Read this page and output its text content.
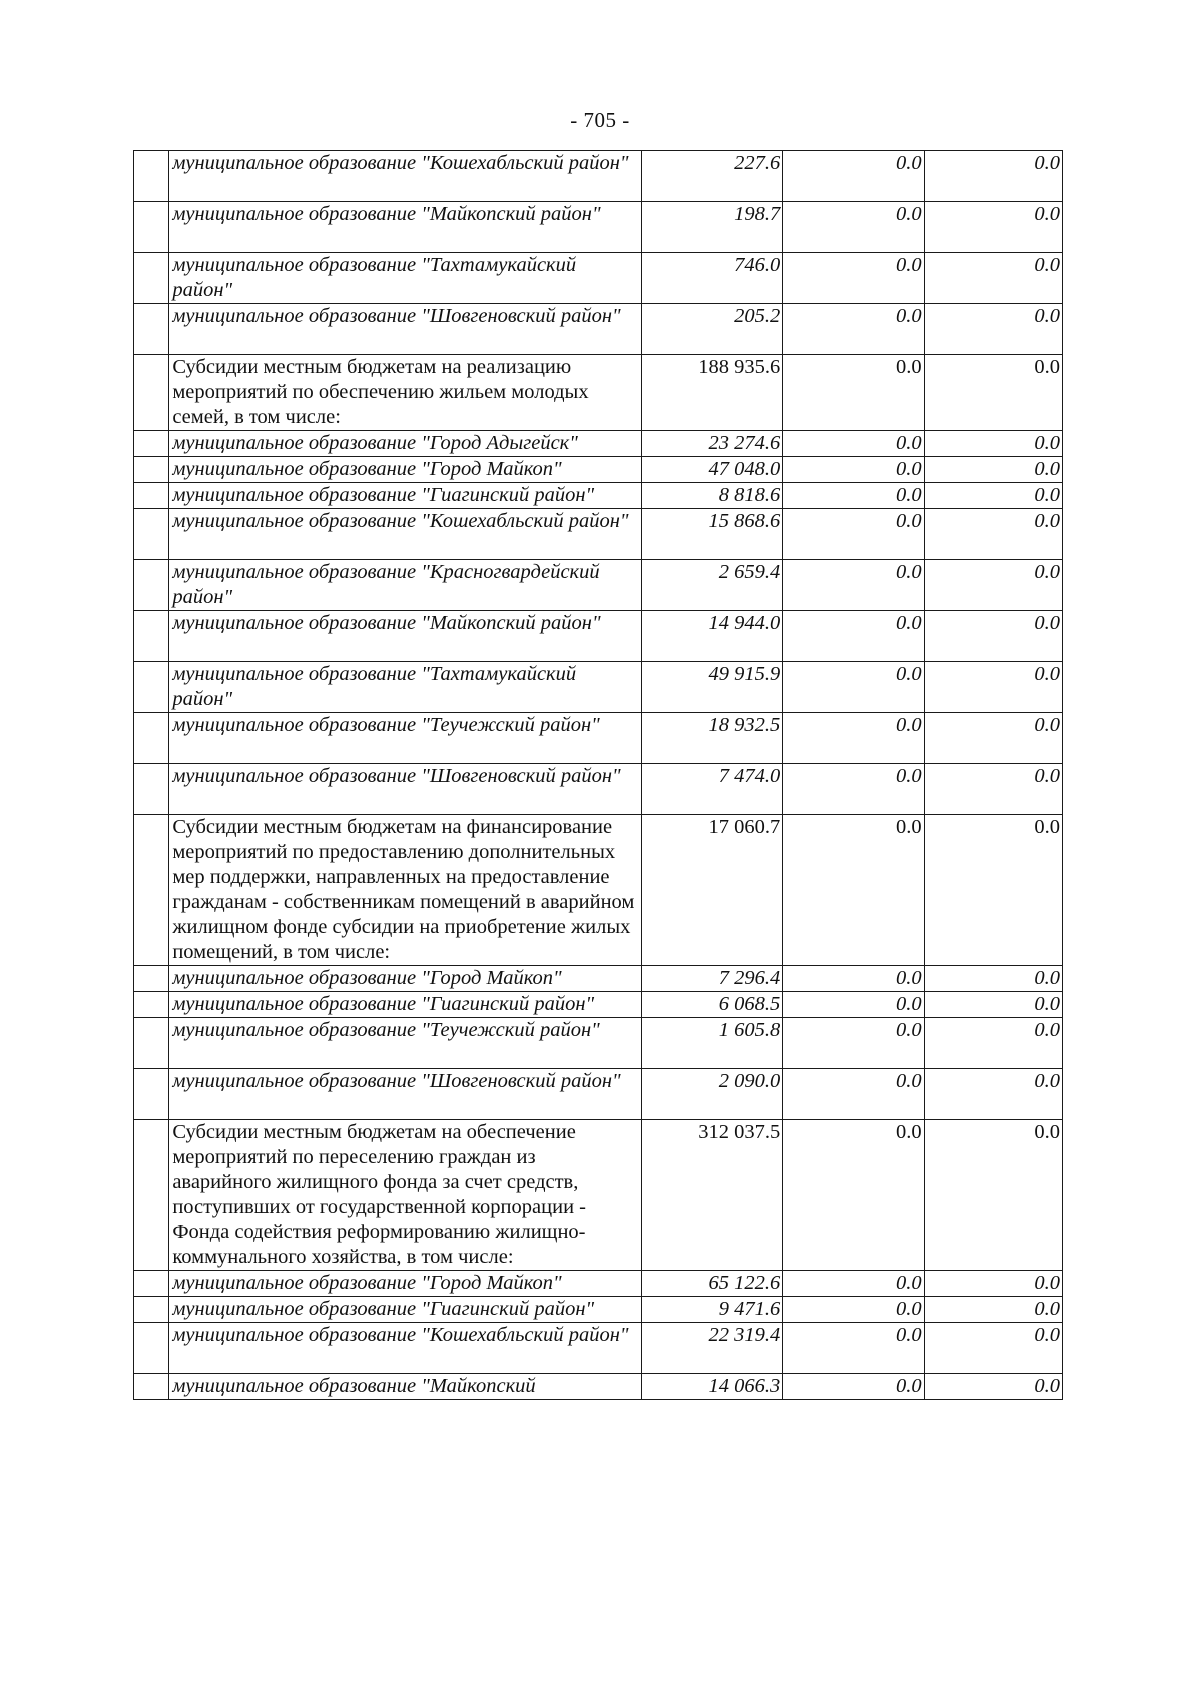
- 705 -
	муниципальное образование "Кошехабльский район"	227.6	0.0	0.0
	муниципальное образование "Майкопский район"	198.7	0.0	0.0
	муниципальное образование "Тахтамукайский район"	746.0	0.0	0.0
	муниципальное образование "Шовгеновский район"	205.2	0.0	0.0
	Субсидии местным бюджетам на реализацию мероприятий по обеспечению жильем молодых семей, в том числе:	188 935.6	0.0	0.0
	муниципальное образование "Город Адыгейск"	23 274.6	0.0	0.0
	муниципальное образование "Город Майкоп"	47 048.0	0.0	0.0
	муниципальное образование "Гиагинский район"	8 818.6	0.0	0.0
	муниципальное образование "Кошехабльский район"	15 868.6	0.0	0.0
	муниципальное образование "Красногвардейский район"	2 659.4	0.0	0.0
	муниципальное образование "Майкопский район"	14 944.0	0.0	0.0
	муниципальное образование "Тахтамукайский район"	49 915.9	0.0	0.0
	муниципальное образование "Теучежский район"	18 932.5	0.0	0.0
	муниципальное образование "Шовгеновский район"	7 474.0	0.0	0.0
	Субсидии местным бюджетам на финансирование мероприятий по предоставлению дополнительных мер поддержки, направленных на предоставление гражданам - собственникам помещений в аварийном жилищном фонде субсидии на приобретение жилых помещений, в том числе:	17 060.7	0.0	0.0
	муниципальное образование "Город Майкоп"	7 296.4	0.0	0.0
	муниципальное образование "Гиагинский район"	6 068.5	0.0	0.0
	муниципальное образование "Теучежский район"	1 605.8	0.0	0.0
	муниципальное образование "Шовгеновский район"	2 090.0	0.0	0.0
	Субсидии местным бюджетам на обеспечение мероприятий по переселению граждан из аварийного жилищного фонда за счет средств, поступивших от государственной корпорации - Фонда содействия реформированию жилищно-коммунального хозяйства, в том числе:	312 037.5	0.0	0.0
	муниципальное образование "Город Майкоп"	65 122.6	0.0	0.0
	муниципальное образование "Гиагинский район"	9 471.6	0.0	0.0
	муниципальное образование "Кошехабльский район"	22 319.4	0.0	0.0
	муниципальное образование "Майкопский	14 066.3	0.0	0.0
